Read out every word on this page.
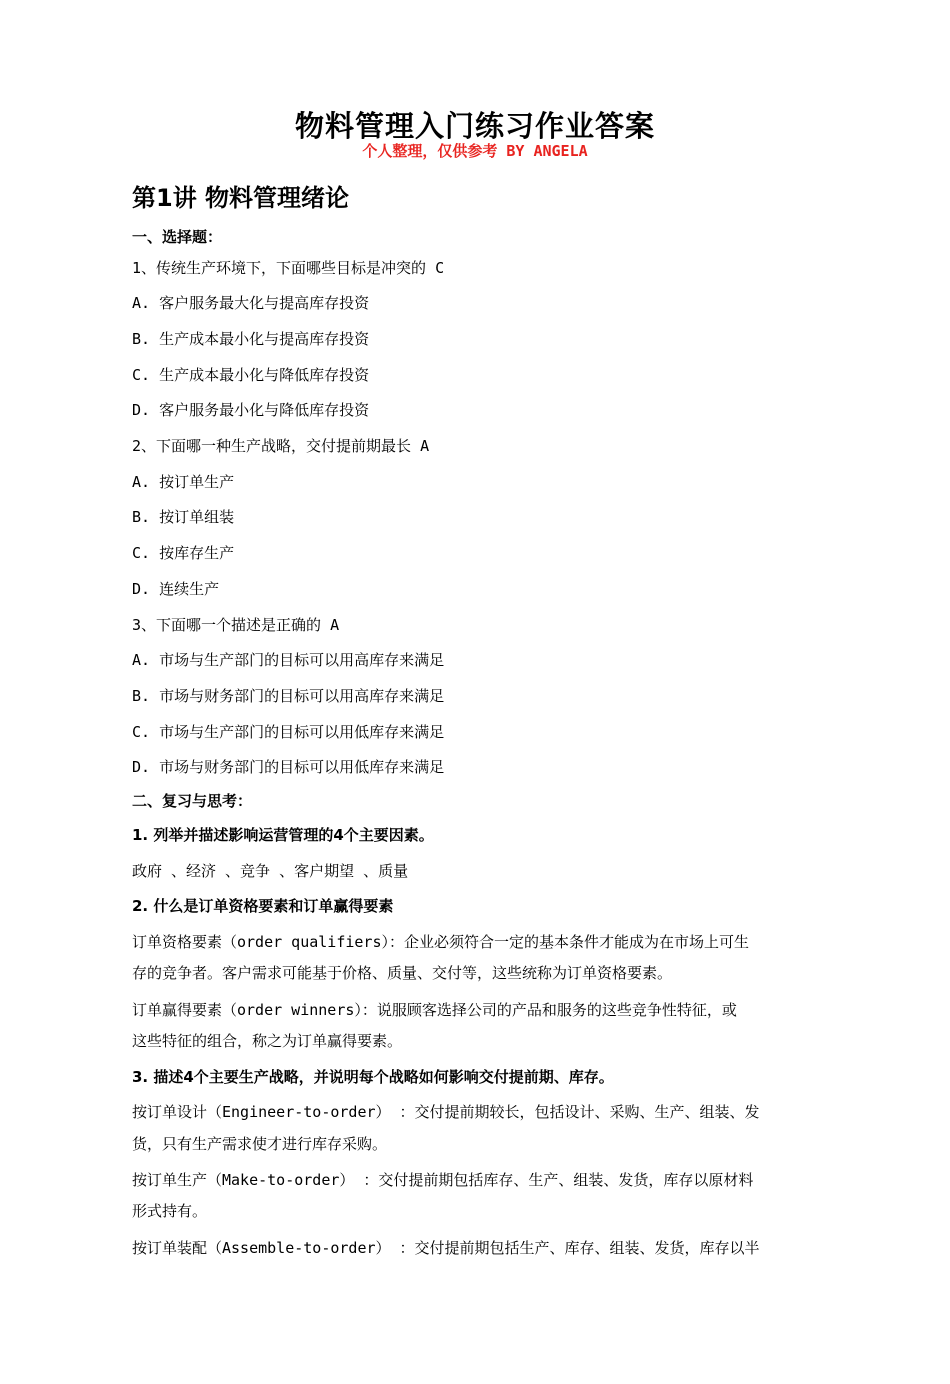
物料管理入门练习作业答案
个人整理，仅供参考 BY ANGELA
第1讲 物料管理绪论
一、选择题：
1、传统生产环境下，下面哪些目标是冲突的 C
A. 客户服务最大化与提高库存投资
B. 生产成本最小化与提高库存投资
C. 生产成本最小化与降低库存投资
D. 客户服务最小化与降低库存投资
2、下面哪一种生产战略，交付提前期最长 A
A. 按订单生产
B. 按订单组装
C. 按库存生产
D. 连续生产
3、下面哪一个描述是正确的 A
A. 市场与生产部门的目标可以用高库存来满足
B. 市场与财务部门的目标可以用高库存来满足
C. 市场与生产部门的目标可以用低库存来满足
D. 市场与财务部门的目标可以用低库存来满足
二、复习与思考：
1. 列举并描述影响运营管理的4个主要因素。
政府 、经济 、竞争 、客户期望 、质量
2. 什么是订单资格要素和订单赢得要素
订单资格要素（order qualifiers）：企业必须符合一定的基本条件才能成为在市场上可生
存的竞争者。客户需求可能基于价格、质量、交付等，这些统称为订单资格要素。
订单赢得要素（order winners）：说服顾客选择公司的产品和服务的这些竞争性特征，或
这些特征的组合，称之为订单赢得要素。
3. 描述4个主要生产战略，并说明每个战略如何影响交付提前期、库存。
按订单设计（Engineer-to-order） ：交付提前期较长，包括设计、采购、生产、组装、发
货，只有生产需求使才进行库存采购。
按订单生产（Make-to-order） ：交付提前期包括库存、生产、组装、发货，库存以原材料
形式持有。
按订单装配（Assemble-to-order） ：交付提前期包括生产、库存、组装、发货，库存以半
